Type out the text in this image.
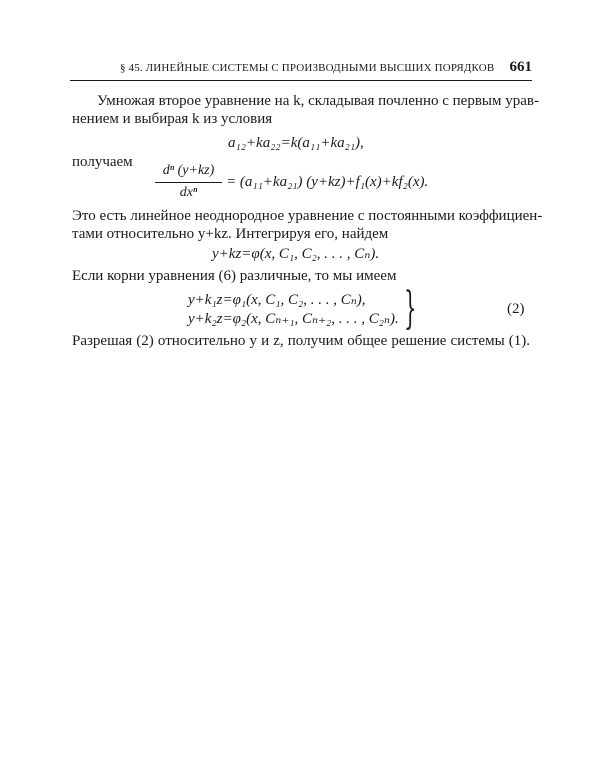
§ 45. ЛИНЕЙНЫЕ СИСТЕМЫ С ПРОИЗВОДНЫМИ ВЫСШИХ ПОРЯДКОВ 661
Умножая второе уравнение на k, складывая почленно с первым урав-
нением и выбирая k из условия
a₁₂+ka₂₂=k(a₁₁+ka₂₁),
получаем
dⁿ (y+kz)
dxⁿ
= (a₁₁+ka₂₁) (y+kz)+f₁(x)+kf₂(x).
Это есть линейное неоднородное уравнение с постоянными коэффициен-
тами относительно y+kz. Интегрируя его, найдем
y+kz=φ(x, C₁, C₂, . . . , Cₙ).
Если корни уравнения (6) различные, то мы имеем
y+k₁z=φ₁(x, C₁, C₂, . . . , Cₙ),
y+k₂z=φ₂(x, Cₙ₊₁, Cₙ₊₂, . . . , C₂ₙ). }	(2)
Разрешая (2) относительно y и z, получим общее решение системы (1).
